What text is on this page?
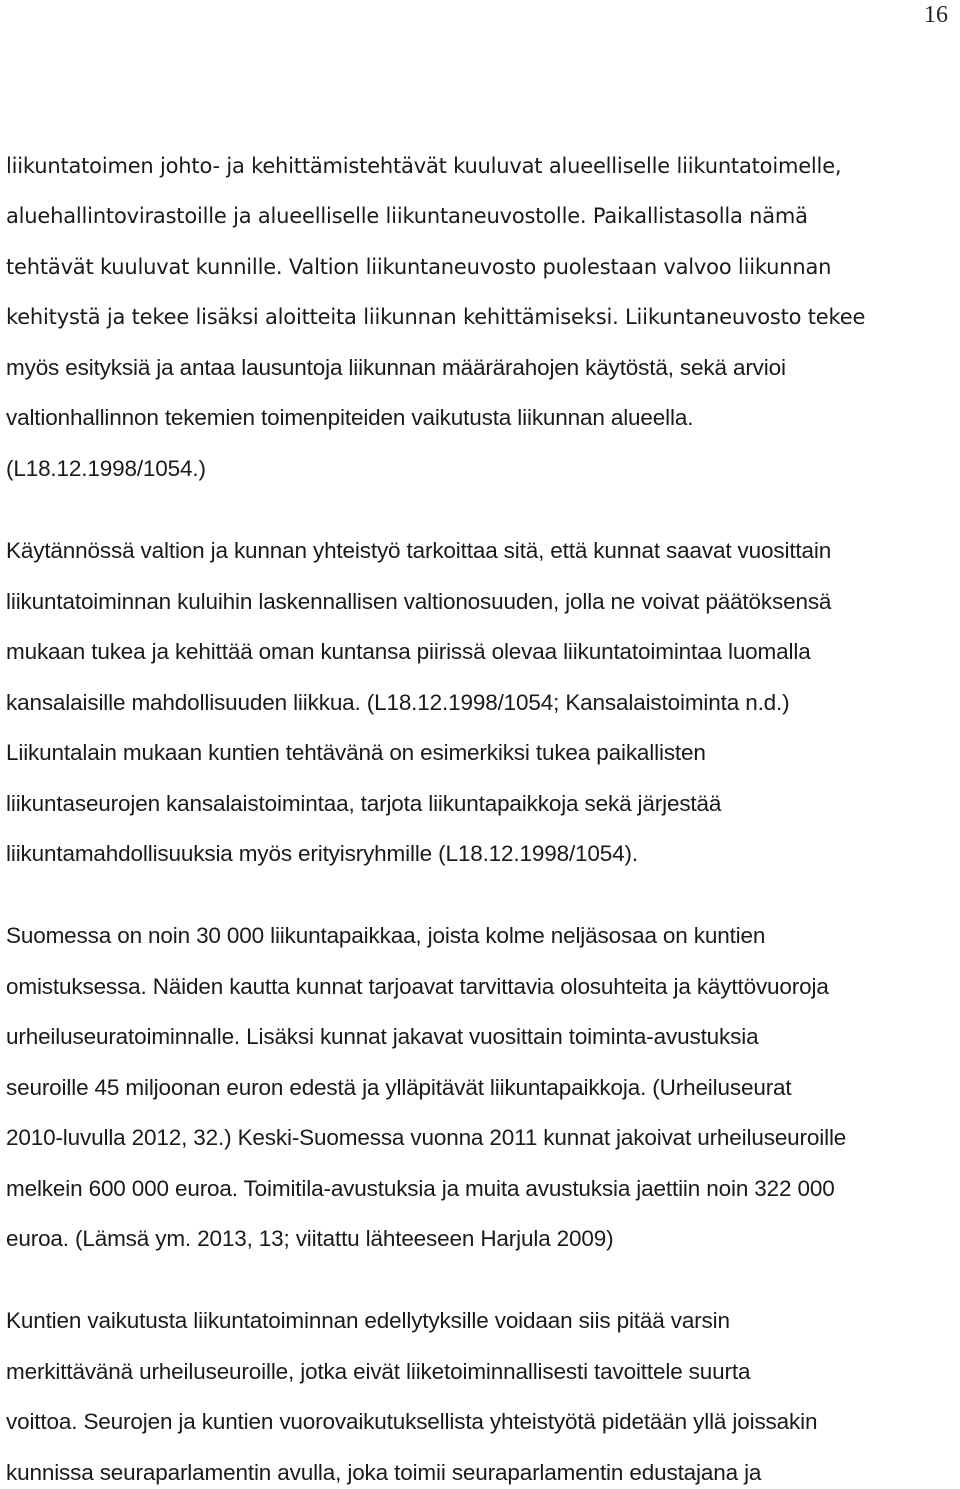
16
liikuntatoimen johto- ja kehittämistehtävät kuuluvat alueelliselle liikuntatoimelle,
aluehallintovirastoille ja alueelliselle liikuntaneuvostolle. Paikallistasolla nämä
tehtävät kuuluvat kunnille. Valtion liikuntaneuvosto puolestaan valvoo liikunnan
kehitystä ja tekee lisäksi aloitteita liikunnan kehittämiseksi. Liikuntaneuvosto tekee
myös esityksiä ja antaa lausuntoja liikunnan määrärahojen käytöstä, sekä arvioi
valtionhallinnon tekemien toimenpiteiden vaikutusta liikunnan alueella.
(L18.12.1998/1054.)
Käytännössä valtion ja kunnan yhteistyö tarkoittaa sitä, että kunnat saavat vuosittain
liikuntatoiminnan kuluihin laskennallisen valtionosuuden, jolla ne voivat päätöksensä
mukaan tukea ja kehittää oman kuntansa piirissä olevaa liikuntatoimintaa luomalla
kansalaisille mahdollisuuden liikkua. (L18.12.1998/1054; Kansalaistoiminta n.d.)
Liikuntalain mukaan kuntien tehtävänä on esimerkiksi tukea paikallisten
liikuntaseurojen kansalaistoimintaa, tarjota liikuntapaikkoja sekä järjestää
liikuntamahdollisuuksia myös erityisryhmille (L18.12.1998/1054).
Suomessa on noin 30 000 liikuntapaikkaa, joista kolme neljäsosaa on kuntien
omistuksessa. Näiden kautta kunnat tarjoavat tarvittavia olosuhteita ja käyttövuoroja
urheiluseuratoiminnalle. Lisäksi kunnat jakavat vuosittain toiminta-avustuksia
seuroille 45 miljoonan euron edestä ja ylläpitävät liikuntapaikkoja. (Urheiluseurat
2010-luvulla 2012, 32.) Keski-Suomessa vuonna 2011 kunnat jakoivat urheiluseuroille
melkein 600 000 euroa. Toimitila-avustuksia ja muita avustuksia jaettiin noin 322 000
euroa. (Lämsä ym. 2013, 13; viitattu lähteeseen Harjula 2009)
Kuntien vaikutusta liikuntatoiminnan edellytyksille voidaan siis pitää varsin
merkittävänä urheiluseuroille, jotka eivät liiketoiminnallisesti tavoittele suurta
voittoa. Seurojen ja kuntien vuorovaikutuksellista yhteistyötä pidetään yllä joissakin
kunnissa seuraparlamentin avulla, joka toimii seuraparlamentin edustajana ja
